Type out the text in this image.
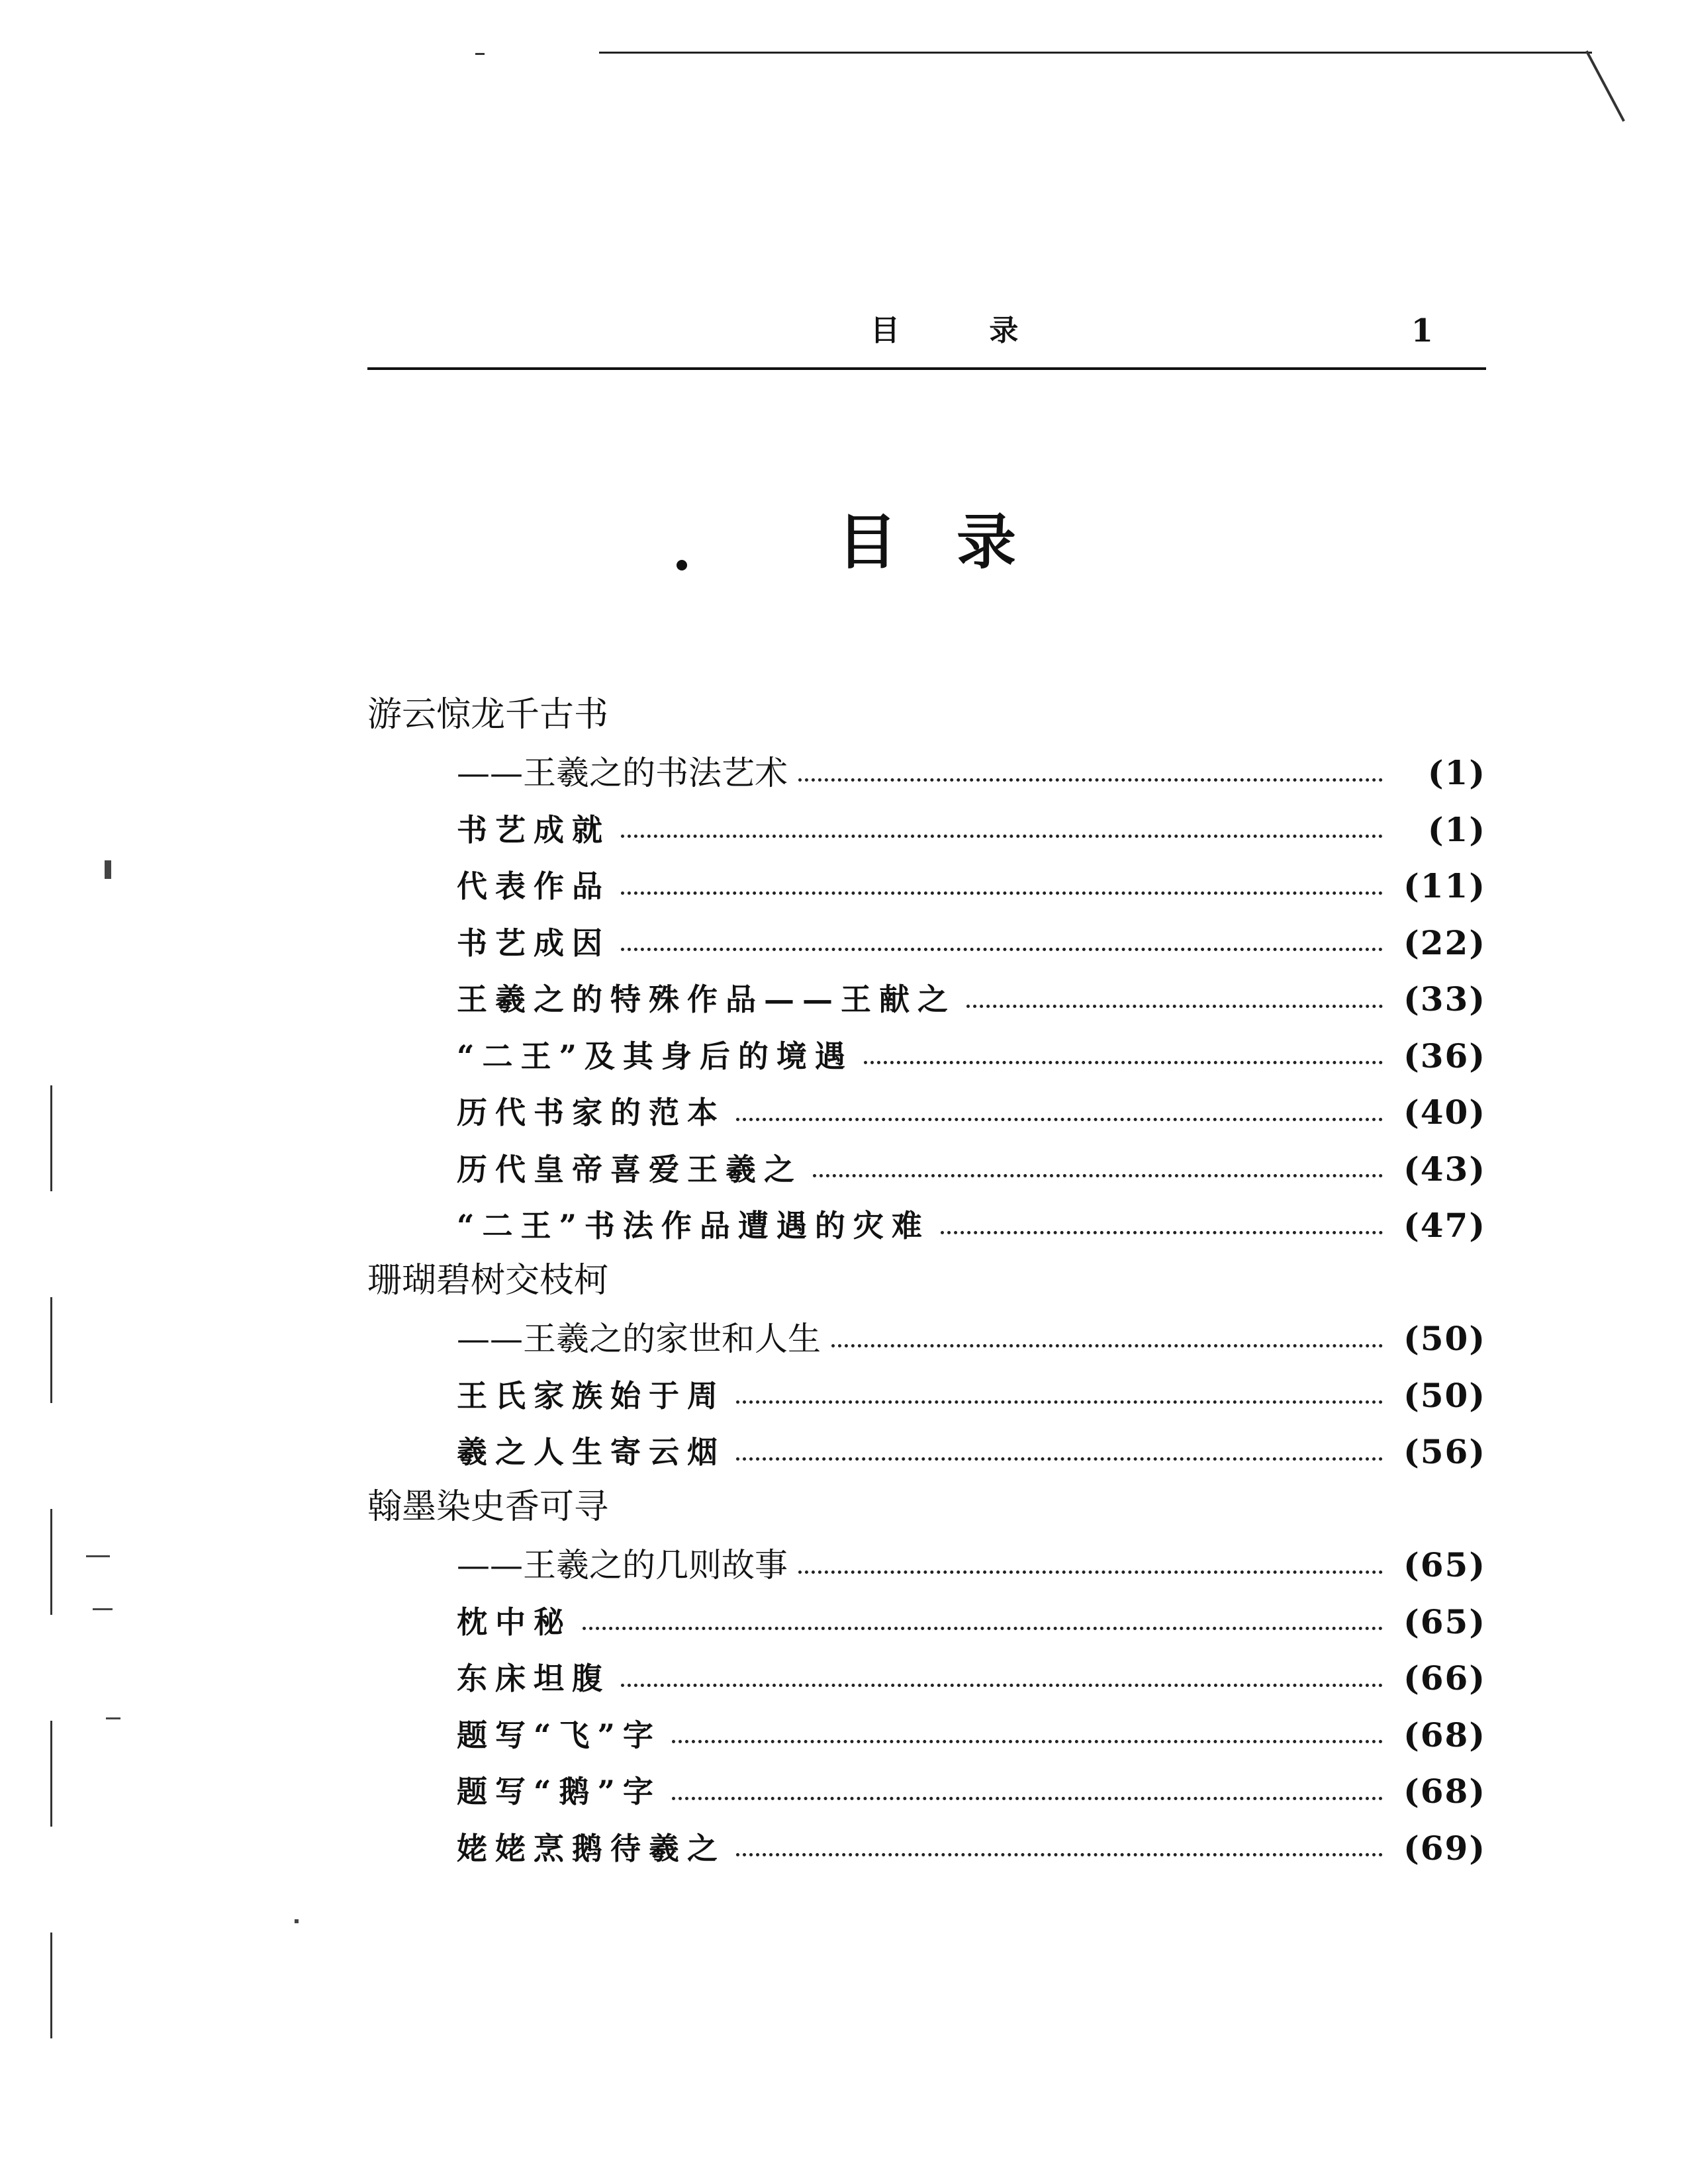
目 录	1
目录
游云惊龙千古书
——王羲之的书法艺术	(1)
书艺成就	(1)
代表作品	(11)
书艺成因	(22)
王羲之的特殊作品——王献之	(33)
“二王”及其身后的境遇	(36)
历代书家的范本	(40)
历代皇帝喜爱王羲之	(43)
“二王”书法作品遭遇的灾难	(47)
珊瑚碧树交枝柯
——王羲之的家世和人生	(50)
王氏家族始于周	(50)
羲之人生寄云烟	(56)
翰墨染史香可寻
——王羲之的几则故事	(65)
枕中秘	(65)
东床坦腹	(66)
题写“飞”字	(68)
题写“鹅”字	(68)
姥姥烹鹅待羲之	(69)
